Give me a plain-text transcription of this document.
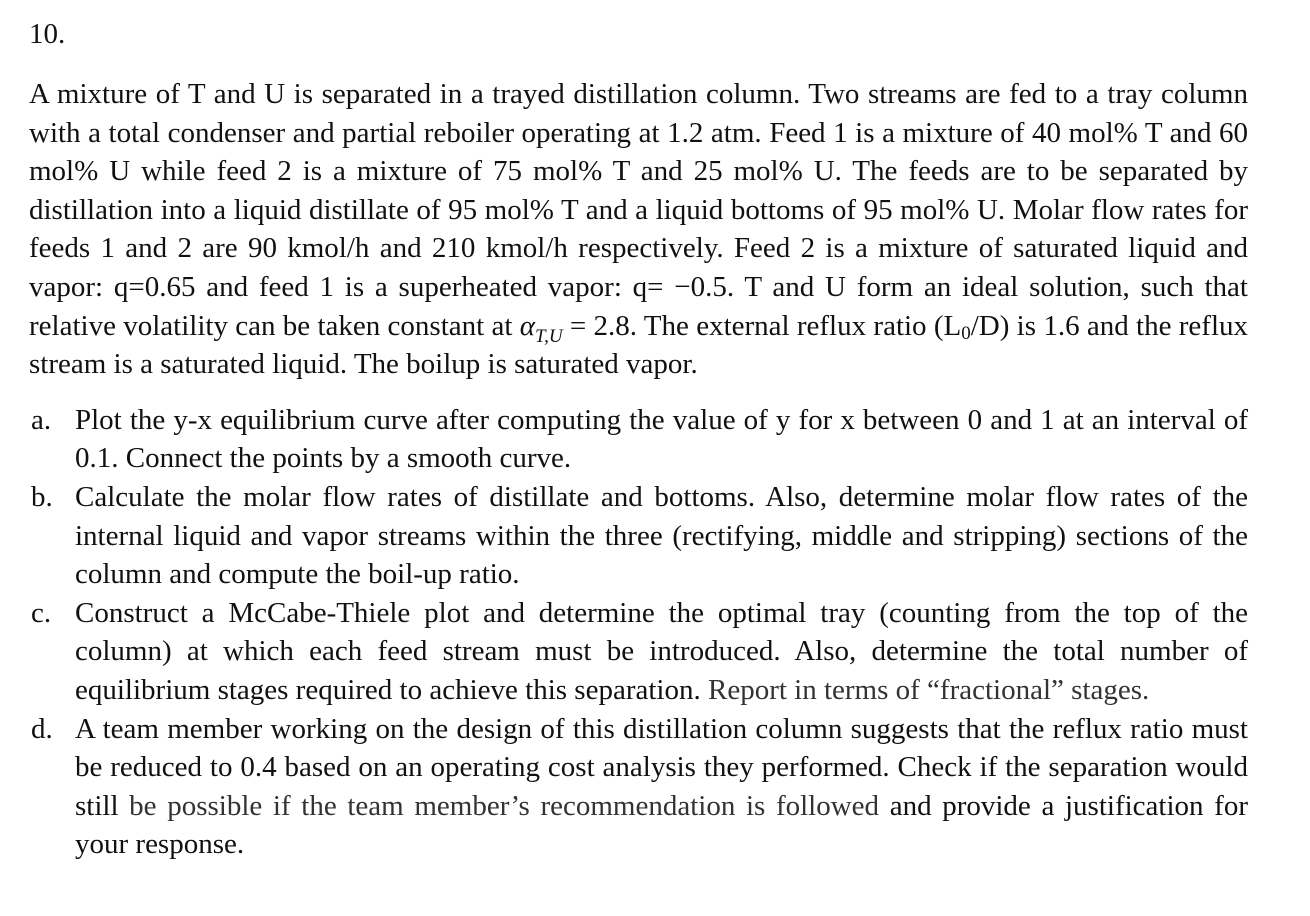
10.

A mixture of T and U is separated in a trayed distillation column. Two streams are fed to a tray column with a total condenser and partial reboiler operating at 1.2 atm. Feed 1 is a mixture of 40 mol% T and 60 mol% U while feed 2 is a mixture of 75 mol% T and 25 mol% U. The feeds are to be separated by distillation into a liquid distillate of 95 mol% T and a liquid bottoms of 95 mol% U. Molar flow rates for feeds 1 and 2 are 90 kmol/h and 210 kmol/h respectively. Feed 2 is a mixture of saturated liquid and vapor: q=0.65 and feed 1 is a superheated vapor: q= −0.5. T and U form an ideal solution, such that relative volatility can be taken constant at $\alpha_{T,U} = 2.8$. The external reflux ratio (L0/D) is 1.6 and the reflux stream is a saturated liquid. The boilup is saturated vapor.

a. Plot the y-x equilibrium curve after computing the value of y for x between 0 and 1 at an interval of 0.1. Connect the points by a smooth curve.
b. Calculate the molar flow rates of distillate and bottoms. Also, determine molar flow rates of the internal liquid and vapor streams within the three (rectifying, middle and stripping) sections of the column and compute the boil-up ratio.
c. Construct a McCabe-Thiele plot and determine the optimal tray (counting from the top of the column) at which each feed stream must be introduced. Also, determine the total number of equilibrium stages required to achieve this separation. Report in terms of “fractional” stages.
d. A team member working on the design of this distillation column suggests that the reflux ratio must be reduced to 0.4 based on an operating cost analysis they performed. Check if the separation would still be possible if the team member’s recommendation is followed and provide a justification for your response.
